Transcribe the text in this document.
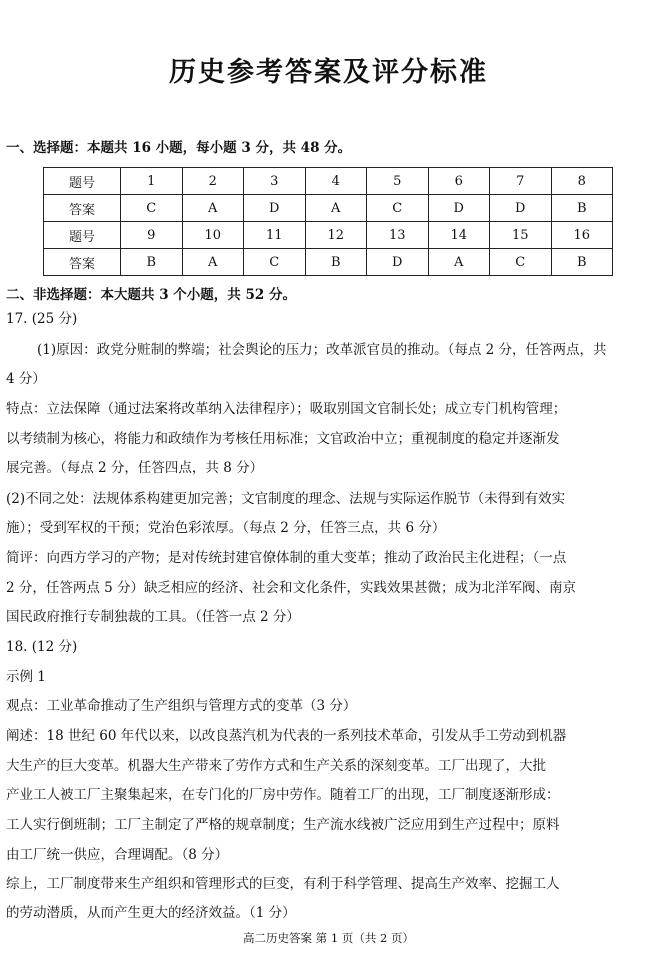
历史参考答案及评分标准
一、选择题：本题共 16 小题，每小题 3 分，共 48 分。
题号	1	2	3	4	5	6	7	8
答案	C	A	D	A	C	D	D	B
题号	9	10	11	12	13	14	15	16
答案	B	A	C	B	D	A	C	B
二、非选择题：本大题共 3 个小题，共 52 分。
17. (25 分)
(1)原因：政党分赃制的弊端；社会舆论的压力；改革派官员的推动。（每点 2 分，任答两点，共
4 分）
特点：立法保障（通过法案将改革纳入法律程序）；吸取别国文官制长处；成立专门机构管理；
以考绩制为核心，将能力和政绩作为考核任用标准；文官政治中立；重视制度的稳定并逐渐发
展完善。（每点 2 分，任答四点，共 8 分）
(2)不同之处：法规体系构建更加完善；文官制度的理念、法规与实际运作脱节（未得到有效实
施）；受到军权的干预；党治色彩浓厚。（每点 2 分，任答三点，共 6 分）
简评：向西方学习的产物；是对传统封建官僚体制的重大变革；推动了政治民主化进程；（一点
2 分，任答两点 5 分）缺乏相应的经济、社会和文化条件，实践效果甚微；成为北洋军阀、南京
国民政府推行专制独裁的工具。（任答一点 2 分）
18. (12 分)
示例 1
观点：工业革命推动了生产组织与管理方式的变革（3 分）
阐述：18 世纪 60 年代以来，以改良蒸汽机为代表的一系列技术革命，引发从手工劳动到机器
大生产的巨大变革。机器大生产带来了劳作方式和生产关系的深刻变革。工厂出现了，大批
产业工人被工厂主聚集起来，在专门化的厂房中劳作。随着工厂的出现，工厂制度逐渐形成：
工人实行倒班制；工厂主制定了严格的规章制度；生产流水线被广泛应用到生产过程中；原料
由工厂统一供应，合理调配。（8 分）
综上，工厂制度带来生产组织和管理形式的巨变，有利于科学管理、提高生产效率、挖掘工人
的劳动潜质，从而产生更大的经济效益。（1 分）
高二历史答案 第 1 页（共 2 页）
